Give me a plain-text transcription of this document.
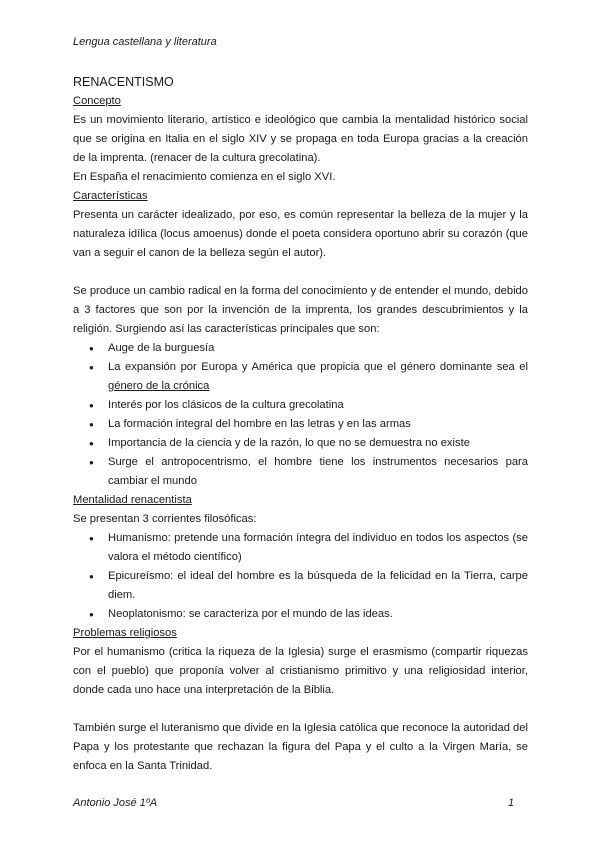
Lengua castellana y literatura
RENACENTISMO
Concepto

Es un movimiento literario, artístico e ideológico que cambia la mentalidad histórico social que se origina en Italia en el siglo XIV y se propaga en toda Europa gracias a la creación de la imprenta. (renacer de la cultura grecolatina).

En España el renacimiento comienza en el siglo XVI.

Características

Presenta un carácter idealizado, por eso, es común representar la belleza de la mujer y la naturaleza idílica (locus amoenus) donde el poeta considera oportuno abrir su corazón (que van a seguir el canon de la belleza según el autor).

Se produce un cambio radical en la forma del conocimiento y de entender el mundo, debido a 3 factores que son por la invención de la imprenta, los grandes descubrimientos y la religión. Surgiendo así las características principales que son:

● Auge de la burguesía
● La expansión por Europa y América que propicia que el género dominante sea el género de la crónica
● Interés por los clásicos de la cultura grecolatina
● La formación integral del hombre en las letras y en las armas
● Importancia de la ciencia y de la razón, lo que no se demuestra no existe
● Surge el antropocentrismo, el hombre tiene los instrumentos necesarios para cambiar el mundo
Mentalidad renacentista

Se presentan 3 corrientes filosóficas:

● Humanismo: pretende una formación íntegra del individuo en todos los aspectos (se valora el método científico)
● Epicureísmo: el ideal del hombre es la búsqueda de la felicidad en la Tierra, carpe diem.
● Neoplatonismo: se caracteriza por el mundo de las ideas.
Problemas religiosos

Por el humanismo (critica la riqueza de la Iglesia) surge el erasmismo (compartir riquezas con el pueblo) que proponía volver al cristianismo primitivo y una religiosidad interior, donde cada uno hace una interpretación de la Biblia.

También surge el luteranismo que divide en la Iglesia católica que reconoce la autoridad del Papa y los protestante que rechazan la figura del Papa y el culto a la Virgen María, se enfoca en la Santa Trinidad.

Antonio José 1ºA	1
